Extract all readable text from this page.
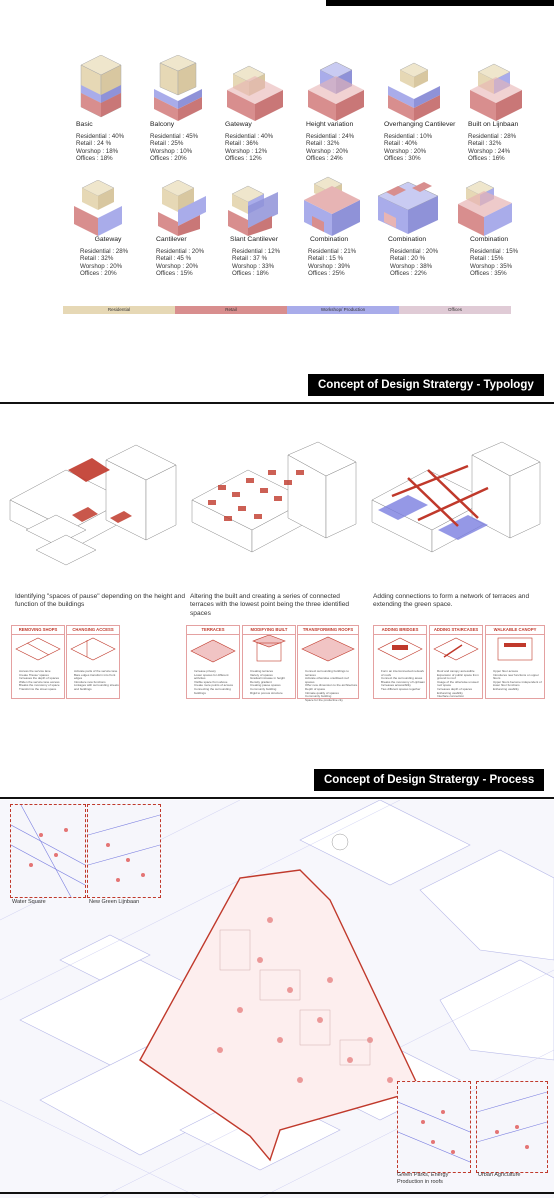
Basic
Residential : 40%
Retail : 24 %
Worshop : 18%
Offices : 18%
Balcony
Residential : 45%
Retail : 25%
Worshop : 10%
Offices : 20%
Gateway
Residential : 40%
Retail : 36%
Worshop : 12%
Offices : 12%
Height variation
Residential : 24%
Retail : 32%
Worshop : 20%
Offices : 24%
Overhanging Cantilever
Residential : 10%
Retail : 40%
Worshop : 20%
Offices : 30%
Built on Lijnbaan
Residential : 28%
Retail : 32%
Worshop : 24%
Offices : 16%
Gateway
Residential : 28%
Retail : 32%
Worshop : 20%
Offices : 20%
Cantilever
Residential : 20%
Retail : 45 %
Worshop : 20%
Offices : 15%
Slant Cantilever
Residential : 12%
Retail : 37 %
Worshop : 33%
Offices : 18%
Combination
Residential : 21%
Retail : 15 %
Worshop : 39%
Offices : 25%
Combination
Residential : 20%
Retail : 20 %
Worshop : 38%
Offices : 22%
Combination
Residential : 15%
Retail : 15%
Worshop : 35%
Offices : 35%
Residential	Retail	Workshop/ Production	Offices
Concept of Design Stratergy - Typology
Identifying "spaces of pause" depending on the height and function of the buildings
Altering the built and creating a series of connected terraces with the lowest point being the three identified spaces
Adding connections to form a network of terraces and extending the green space.
REMOVING SHOPS
Access the service lane
Create 'Pause' spaces
Increases the depth of spaces
Widen the service lane access
Breaks the monotony of space
Transforms the street space
CHANGING ACCESS
Activate parts of the service lane
Bare edges transform into front edges
Introduce new functions
Linkages with surrounding streets and buildings
TERRACES
Increase privacy
Lower spaces for different activities
Visible space from above
Create more points of access
Connecting the surrounding buildings
MODIFYING BUILT
Creating terraces
Variety of spaces
Gradual increase in height
Density gradient
Creating pause spaces
Community building
Rigid to porous structure
TRANSFORMING ROOFS
Connect surrounding buildings to terraces
Activate otherwise unutilised roof spaces
Offer new dimension to the architecture
Depth of space
Intimate quality of spaces
Community building
Space for the productive city
ADDING BRIDGES
Form an interconnected network of roofs
Connect the surrounding areas
Breaks the monotony of Lijnbaan
Increases accessibility
Ties different spaces together
ADDING STAIRCASES
Roof and canopy accessible
Expansion of public space from ground to roof
Usage of the otherwise unused roof space
Increases depth of spaces
Enhancing usability
Interface connection
WALKABLE CANOPY
Upper floor access
Introduces new functions on upper floors
Upper floors become independent of lower floor functions
Enhancing usability
Concept of Design Stratergy - Process
Water Square	New Green Lijnbaan
Green Parks, Energy Production in roofs
Urban Agriculture
